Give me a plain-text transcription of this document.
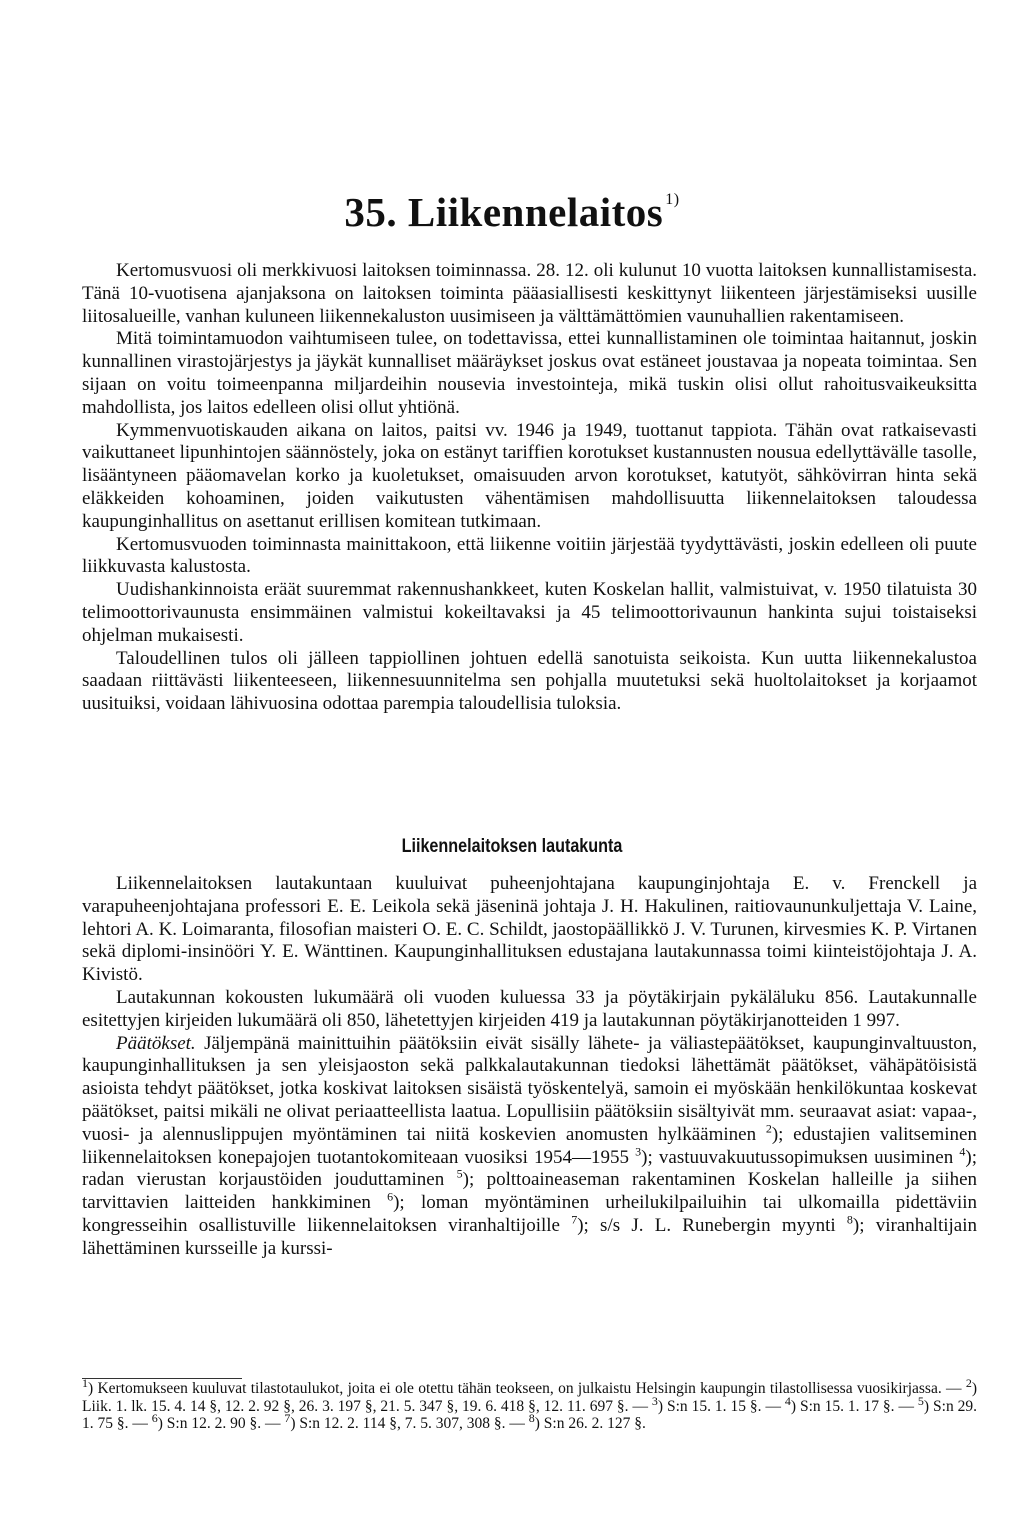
35. Liikennelaitos $^{1)}$

Kertomusvuosi oli merkkivuosi laitoksen toiminnassa. 28. 12. oli kulunut 10 vuotta laitoksen kunnallistamisesta. Tänä 10-vuotisena ajanjaksona on laitoksen toiminta pääasiallisesti keskittynyt liikenteen järjestämiseksi uusille liitosalueille, vanhan kuluneen liikennekaluston uusimiseen ja välttämättömien vaunuhallien rakentamiseen.

Mitä toimintamuodon vaihtumiseen tulee, on todettavissa, ettei kunnallistaminen ole toimintaa haitannut, joskin kunnallinen virastojärjestys ja jäykät kunnalliset määräykset joskus ovat estäneet joustavaa ja nopeata toimintaa. Sen sijaan on voitu toimeenpanna miljardeihin nousevia investointeja, mikä tuskin olisi ollut rahoitusvaikeuksitta mahdollista, jos laitos edelleen olisi ollut yhtiönä.

Kymmenvuotiskauden aikana on laitos, paitsi vv. 1946 ja 1949, tuottanut tappiota. Tähän ovat ratkaisevasti vaikuttaneet lipunhintojen säännöstely, joka on estänyt tariffien korotukset kustannusten nousua edellyttävälle tasolle, lisääntyneen pääomavelan korko ja kuoletukset, omaisuuden arvon korotukset, katutyöt, sähkövirran hinta sekä eläkkeiden kohoaminen, joiden vaikutusten vähentämisen mahdollisuutta liikennelaitoksen taloudessa kaupunginhallitus on asettanut erillisen komitean tutkimaan.

Kertomusvuoden toiminnasta mainittakoon, että liikenne voitiin järjestää tyydyttävästi, joskin edelleen oli puute liikkuvasta kalustosta.

Uudishankinnoista eräät suuremmat rakennushankkeet, kuten Koskelan hallit, valmistuivat, v. 1950 tilatuista 30 telimoottorivaunusta ensimmäinen valmistui kokeiltavaksi ja 45 telimoottorivaunun hankinta sujui toistaiseksi ohjelman mukaisesti.

Taloudellinen tulos oli jälleen tappiollinen johtuen edellä sanotuista seikoista. Kun uutta liikennekalustoa saadaan riittävästi liikenteeseen, liikennesuunnitelma sen pohjalla muutetuksi sekä huoltolaitokset ja korjaamot uusituiksi, voidaan lähivuosina odottaa parempia taloudellisia tuloksia.

Liikennelaitoksen lautakunta

Liikennelaitoksen lautakuntaan kuuluivat puheenjohtajana kaupunginjohtaja E. v. Frenckell ja varapuheenjohtajana professori E. E. Leikola sekä jäseninä johtaja J. H. Hakulinen, raitiovaununkuljettaja V. Laine, lehtori A. K. Loimaranta, filosofian maisteri O. E. C. Schildt, jaostopäällikkö J. V. Turunen, kirvesmies K. P. Virtanen sekä diplomi-insinööri Y. E. Wänttinen. Kaupunginhallituksen edustajana lautakunnassa toimi kiinteistöjohtaja J. A. Kivistö.

Lautakunnan kokousten lukumäärä oli vuoden kuluessa 33 ja pöytäkirjain pykäläluku 856. Lautakunnalle esitettyjen kirjeiden lukumäärä oli 850, lähetettyjen kirjeiden 419 ja lautakunnan pöytäkirjanotteiden 1 997.

Päätökset. Jäljempänä mainittuihin päätöksiin eivät sisälly lähete- ja väliastepäätökset, kaupunginvaltuuston, kaupunginhallituksen ja sen yleisjaoston sekä palkkalautakunnan tiedoksi lähettämät päätökset, vähäpätöisistä asioista tehdyt päätökset, jotka koskivat laitoksen sisäistä työskentelyä, samoin ei myöskään henkilökuntaa koskevat päätökset, paitsi mikäli ne olivat periaatteellista laatua. Lopullisiin päätöksiin sisältyivät mm. seuraavat asiat: vapaa-, vuosi- ja alennuslippujen myöntäminen tai niitä koskevien anomusten hylkääminen $^2$); edustajien valitseminen liikennelaitoksen konepajojen tuotantokomiteaan vuosiksi 1954—1955 $^3$); vastuuvakuutussopimuksen uusiminen $^4$); radan vierustan korjaustöiden jouduttaminen $^5$); polttoaineaseman rakentaminen Koskelan halleille ja siihen tarvittavien laitteiden hankkiminen $^6$); loman myöntäminen urheilukilpailuihin tai ulkomailla pidettäviin kongresseihin osallistuville liikennelaitoksen viranhaltijoille $^7$); s/s J. L. Runebergin myynti $^8$); viranhaltijain lähettäminen kursseille ja kurssi-

$^1$) Kertomukseen kuuluvat tilastotaulukot, joita ei ole otettu tähän teokseen, on julkaistu Helsingin kaupungin tilastollisessa vuosikirjassa. — $^2$) Liik. 1. lk. 15. 4. 14 §, 12. 2. 92 §, 26. 3. 197 §, 21. 5. 347 §, 19. 6. 418 §, 12. 11. 697 §. — $^3$) S:n 15. 1. 15 §. — $^4$) S:n 15. 1. 17 §. — $^5$) S:n 29. 1. 75 §. — $^6$) S:n 12. 2. 90 §. — $^7$) S:n 12. 2. 114 §, 7. 5. 307, 308 §. — $^8$) S:n 26. 2. 127 §.
